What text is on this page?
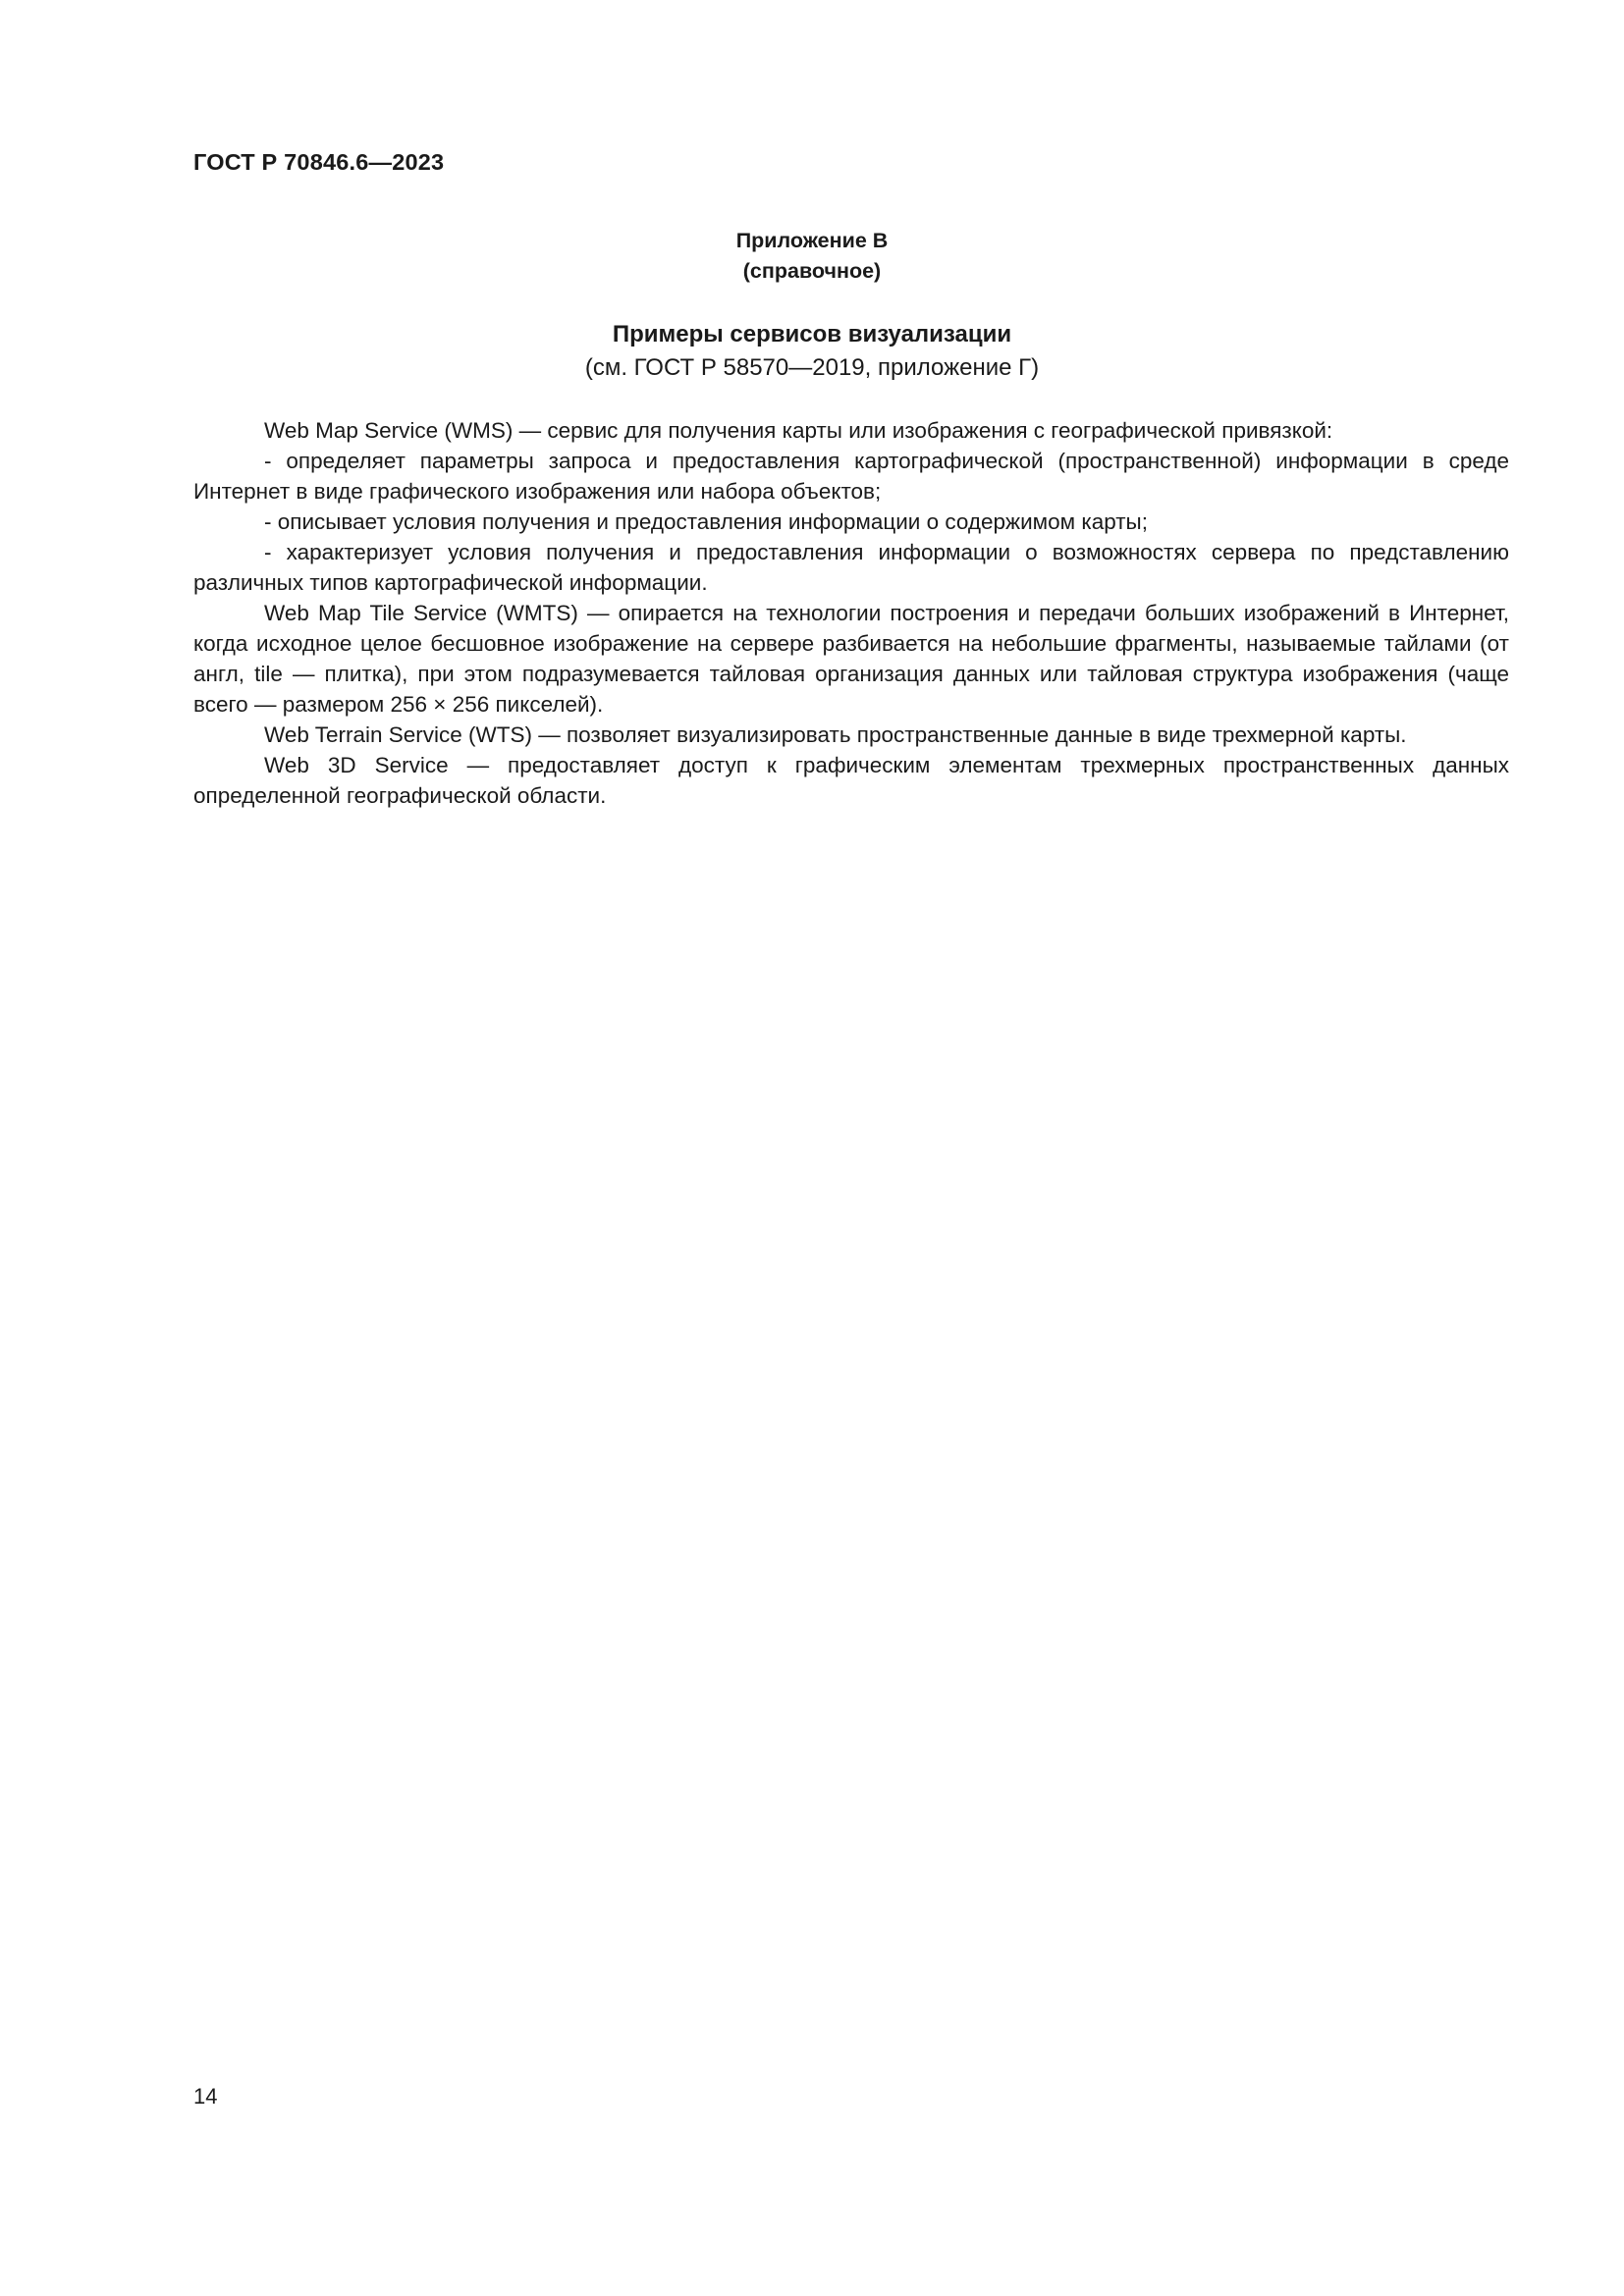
ГОСТ Р 70846.6—2023
Приложение В
(справочное)
Примеры сервисов визуализации
(см. ГОСТ Р 58570—2019, приложение Г)

Web Map Service (WMS) — сервис для получения карты или изображения с географической привязкой:

- определяет параметры запроса и предоставления картографической (пространственной) информации в среде Интернет в виде графического изображения или набора объектов;

- описывает условия получения и предоставления информации о содержимом карты;

- характеризует условия получения и предоставления информации о возможностях сервера по представлению различных типов картографической информации.

Web Map Tile Service (WMTS) — опирается на технологии построения и передачи больших изображений в Интернет, когда исходное целое бесшовное изображение на сервере разбивается на небольшие фрагменты, называемые тайлами (от англ, tile — плитка), при этом подразумевается тайловая организация данных или тайловая структура изображения (чаще всего — размером 256 × 256 пикселей).

Web Terrain Service (WTS) — позволяет визуализировать пространственные данные в виде трехмерной карты.

Web 3D Service — предоставляет доступ к графическим элементам трехмерных пространственных данных определенной географической области.

14
